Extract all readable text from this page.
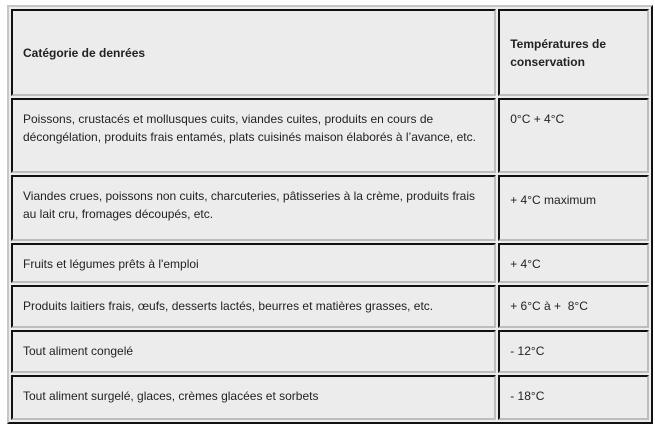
Catégorie de denrées	Températures de conservation
Poissons, crustacés et mollusques cuits, viandes cuites, produits en cours de décongélation, produits frais entamés, plats cuisinés maison élaborés à l’avance, etc.	0°C + 4°C
Viandes crues, poissons non cuits, charcuteries, pâtisseries à la crème, produits frais au lait cru, fromages découpés, etc.	+ 4°C maximum
Fruits et légumes prêts à l'emploi	+ 4°C
Produits laitiers frais, œufs, desserts lactés, beurres et matières grasses, etc.	+ 6°C à +  8°C
Tout aliment congelé	- 12°C
Tout aliment surgelé, glaces, crèmes glacées et sorbets	- 18°C
